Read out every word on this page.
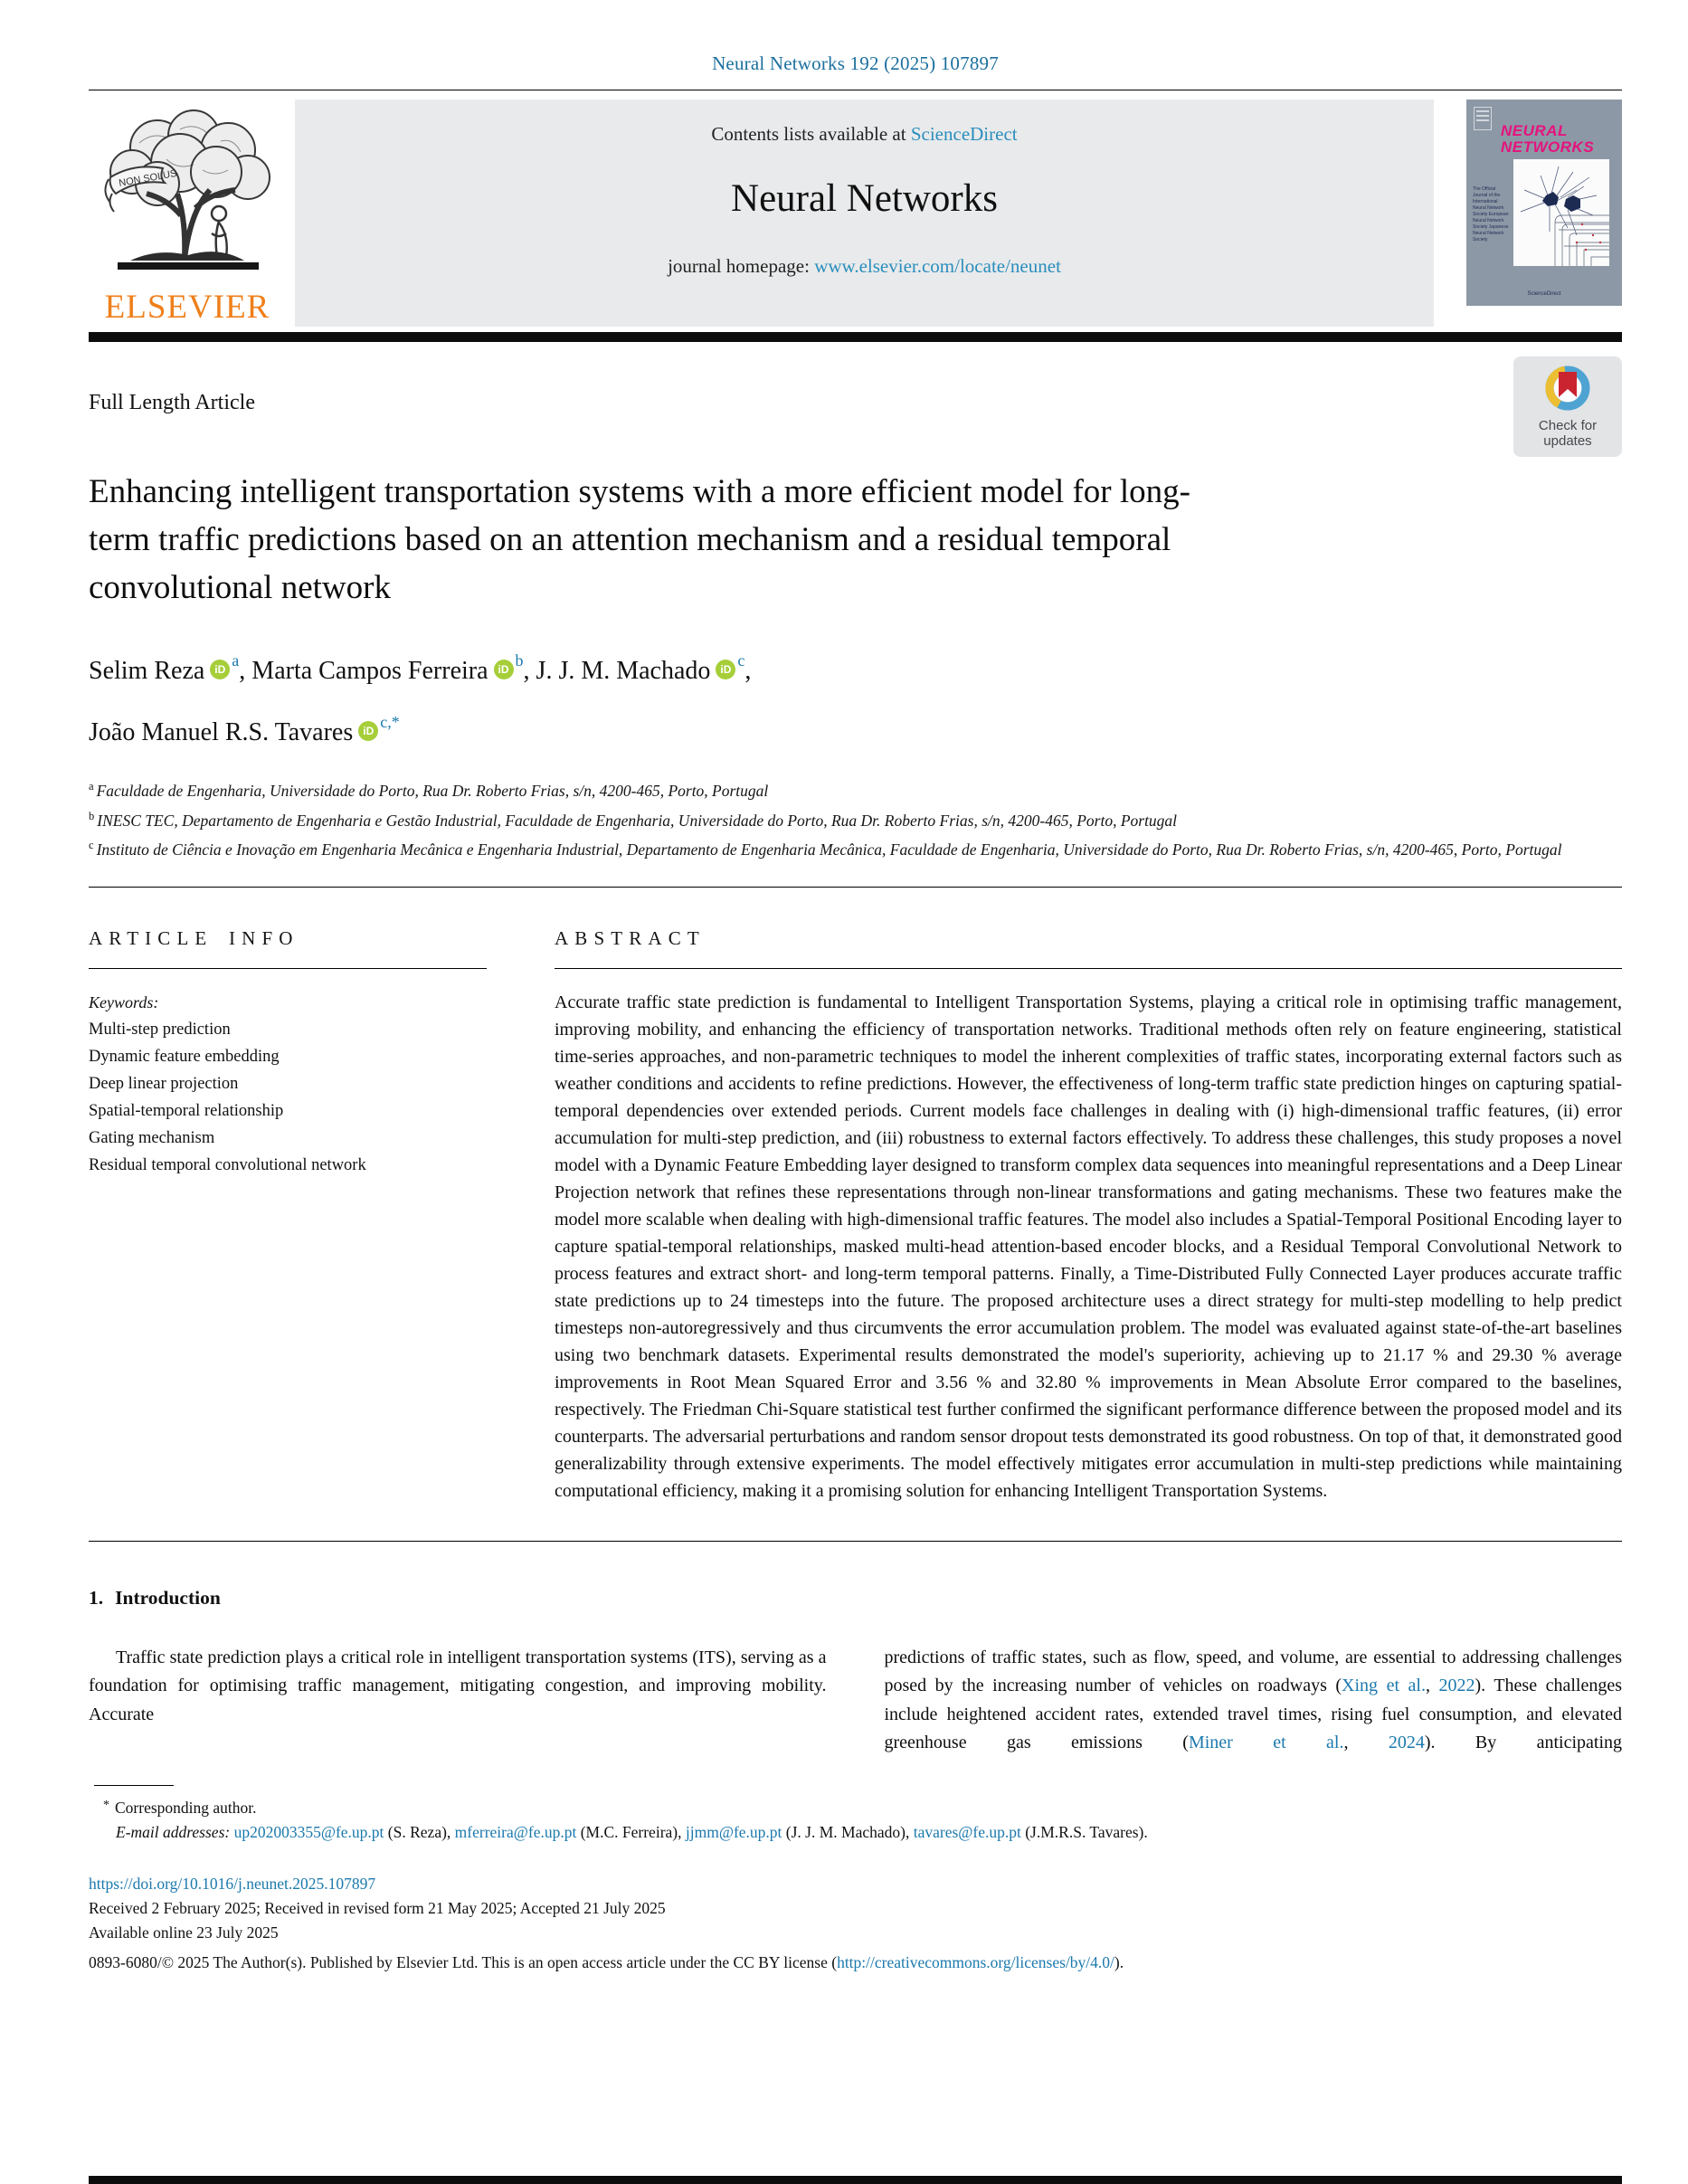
Neural Networks 192 (2025) 107897
NON SOLUS
ELSEVIER
Contents lists available at ScienceDirect
Neural Networks
journal homepage: www.elsevier.com/locate/neunet
NEURAL
NETWORKS
The Official Journal of the International Neural Network Society European Neural Network Society Japanese Neural Network Society
ScienceDirect
Full Length Article
Check for
updates
Enhancing intelligent transportation systems with a more efficient model for long-term traffic predictions based on an attention mechanism and a residual temporal convolutional network
Selim Reza iD $^a$, Marta Campos Ferreira iD $^b$, J. J. M. Machado iD $^c$,
João Manuel R.S. Tavares iD $^{c,*}$
$^a$ Faculdade de Engenharia, Universidade do Porto, Rua Dr. Roberto Frias, s/n, 4200-465, Porto, Portugal
$^b$ INESC TEC, Departamento de Engenharia e Gestão Industrial, Faculdade de Engenharia, Universidade do Porto, Rua Dr. Roberto Frias, s/n, 4200-465, Porto, Portugal
$^c$ Instituto de Ciência e Inovação em Engenharia Mecânica e Engenharia Industrial, Departamento de Engenharia Mecânica, Faculdade de Engenharia, Universidade do Porto, Rua Dr. Roberto Frias, s/n, 4200-465, Porto, Portugal
ARTICLE INFO
Keywords:
Multi-step prediction
Dynamic feature embedding
Deep linear projection
Spatial-temporal relationship
Gating mechanism
Residual temporal convolutional network
ABSTRACT
Accurate traffic state prediction is fundamental to Intelligent Transportation Systems, playing a critical role in optimising traffic management, improving mobility, and enhancing the efficiency of transportation networks. Traditional methods often rely on feature engineering, statistical time-series approaches, and non-parametric techniques to model the inherent complexities of traffic states, incorporating external factors such as weather conditions and accidents to refine predictions. However, the effectiveness of long-term traffic state prediction hinges on capturing spatial-temporal dependencies over extended periods. Current models face challenges in dealing with (i) high-dimensional traffic features, (ii) error accumulation for multi-step prediction, and (iii) robustness to external factors effectively. To address these challenges, this study proposes a novel model with a Dynamic Feature Embedding layer designed to transform complex data sequences into meaningful representations and a Deep Linear Projection network that refines these representations through non-linear transformations and gating mechanisms. These two features make the model more scalable when dealing with high-dimensional traffic features. The model also includes a Spatial-Temporal Positional Encoding layer to capture spatial-temporal relationships, masked multi-head attention-based encoder blocks, and a Residual Temporal Convolutional Network to process features and extract short- and long-term temporal patterns. Finally, a Time-Distributed Fully Connected Layer produces accurate traffic state predictions up to 24 timesteps into the future. The proposed architecture uses a direct strategy for multi-step modelling to help predict timesteps non-autoregressively and thus circumvents the error accumulation problem. The model was evaluated against state-of-the-art baselines using two benchmark datasets. Experimental results demonstrated the model's superiority, achieving up to 21.17 % and 29.30 % average improvements in Root Mean Squared Error and 3.56 % and 32.80 % improvements in Mean Absolute Error compared to the baselines, respectively. The Friedman Chi-Square statistical test further confirmed the significant performance difference between the proposed model and its counterparts. The adversarial perturbations and random sensor dropout tests demonstrated its good robustness. On top of that, it demonstrated good generalizability through extensive experiments. The model effectively mitigates error accumulation in multi-step predictions while maintaining computational efficiency, making it a promising solution for enhancing Intelligent Transportation Systems.
1. Introduction
Traffic state prediction plays a critical role in intelligent transportation systems (ITS), serving as a foundation for optimising traffic management, mitigating congestion, and improving mobility. Accurate
predictions of traffic states, such as flow, speed, and volume, are essential to addressing challenges posed by the increasing number of vehicles on roadways (Xing et al., 2022). These challenges include heightened accident rates, extended travel times, rising fuel consumption, and elevated greenhouse gas emissions (Miner et al., 2024). By anticipating
* Corresponding author.
E-mail addresses: up202003355@fe.up.pt (S. Reza), mferreira@fe.up.pt (M.C. Ferreira), jjmm@fe.up.pt (J. J. M. Machado), tavares@fe.up.pt (J.M.R.S. Tavares).
https://doi.org/10.1016/j.neunet.2025.107897
Received 2 February 2025; Received in revised form 21 May 2025; Accepted 21 July 2025
Available online 23 July 2025
0893-6080/© 2025 The Author(s). Published by Elsevier Ltd. This is an open access article under the CC BY license (http://creativecommons.org/licenses/by/4.0/).
